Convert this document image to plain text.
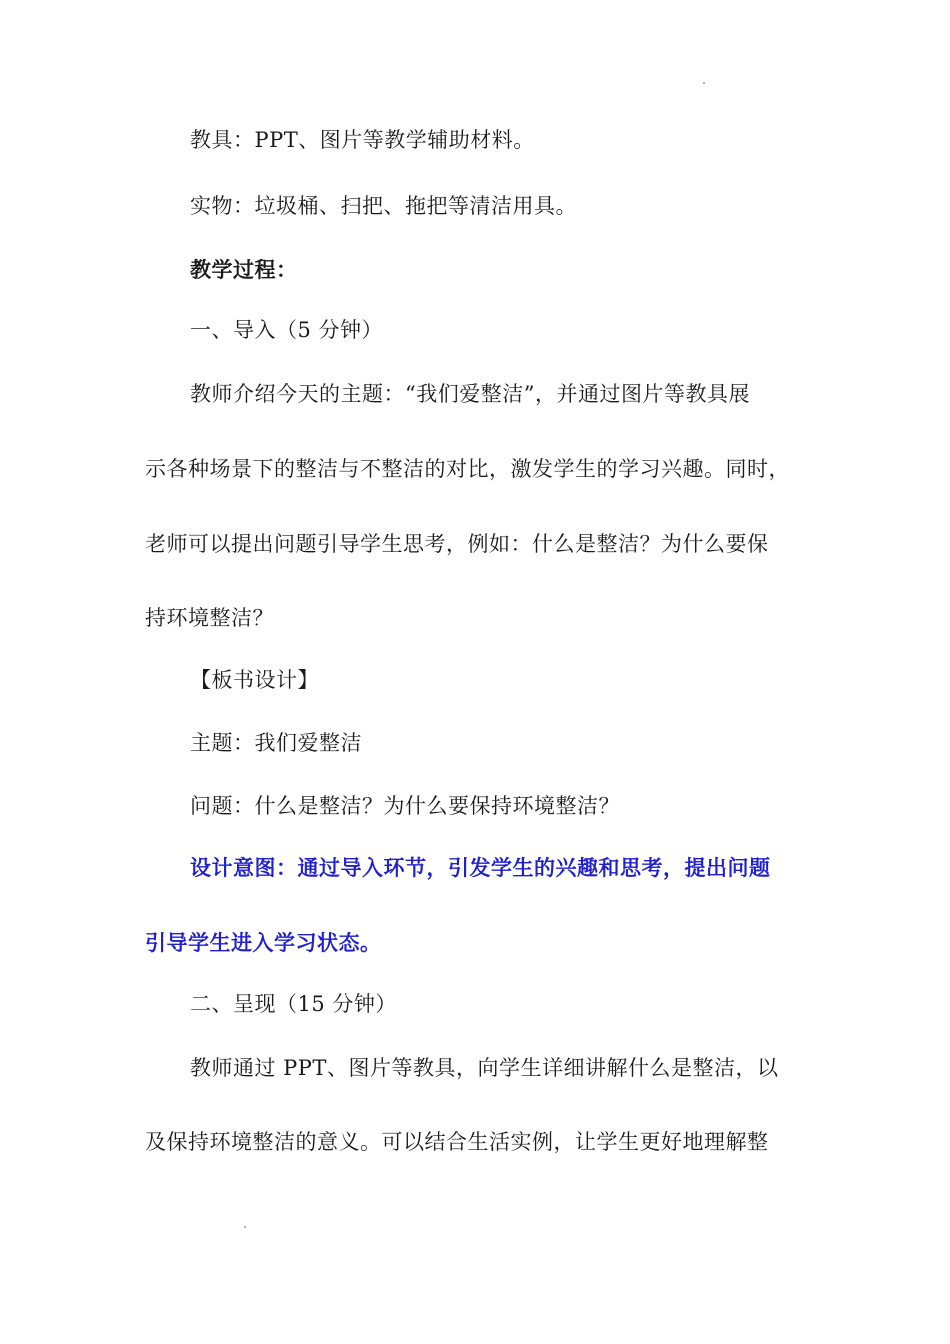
教具：PPT、图片等教学辅助材料。
实物：垃圾桶、扫把、拖把等清洁用具。
教学过程：
一、导入（5 分钟）
教师介绍今天的主题：“我们爱整洁”，并通过图片等教具展
示各种场景下的整洁与不整洁的对比，激发学生的学习兴趣。同时，
老师可以提出问题引导学生思考，例如：什么是整洁？为什么要保
持环境整洁？
【板书设计】
主题：我们爱整洁
问题：什么是整洁？为什么要保持环境整洁？
设计意图：通过导入环节，引发学生的兴趣和思考，提出问题
引导学生进入学习状态。
二、呈现（15 分钟）
教师通过 PPT、图片等教具，向学生详细讲解什么是整洁，以
及保持环境整洁的意义。可以结合生活实例，让学生更好地理解整
